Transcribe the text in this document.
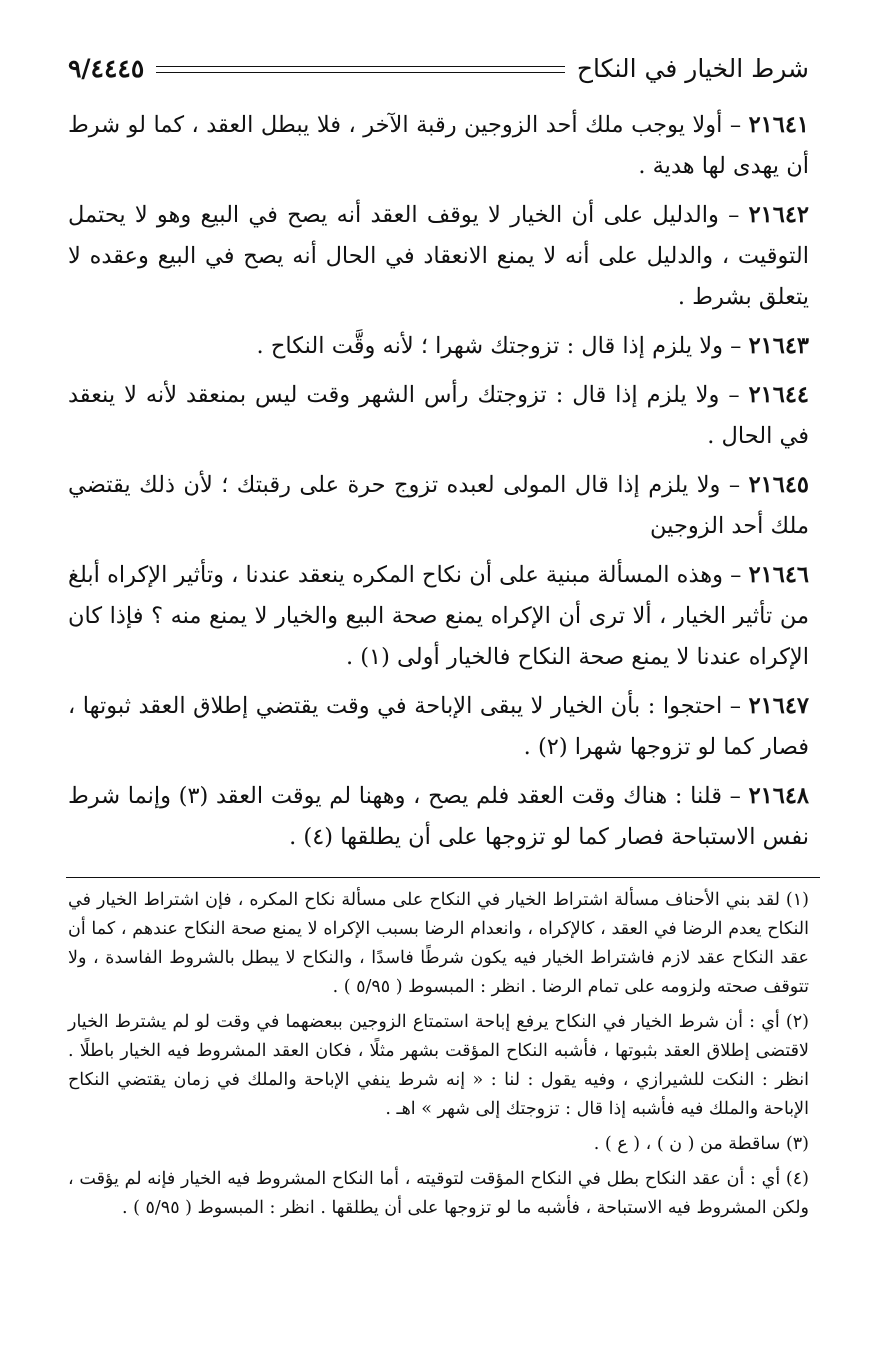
شرط الخيار في النكاح
٩/٤٤٤٥

٢١٦٤١ – أولا يوجب ملك أحد الزوجين رقبة الآخر ، فلا يبطل العقد ، كما لو شرط أن يهدى لها هدية .

٢١٦٤٢ – والدليل على أن الخيار لا يوقف العقد أنه يصح في البيع وهو لا يحتمل التوقيت ، والدليل على أنه لا يمنع الانعقاد في الحال أنه يصح في البيع وعقده لا يتعلق بشرط .

٢١٦٤٣ – ولا يلزم إذا قال : تزوجتك شهرا ؛ لأنه وقَّت النكاح .

٢١٦٤٤ – ولا يلزم إذا قال : تزوجتك رأس الشهر وقت ليس بمنعقد لأنه لا ينعقد في الحال .

٢١٦٤٥ – ولا يلزم إذا قال المولى لعبده تزوج حرة على رقبتك ؛ لأن ذلك يقتضي ملك أحد الزوجين

٢١٦٤٦ – وهذه المسألة مبنية على أن نكاح المكره ينعقد عندنا ، وتأثير الإكراه أبلغ من تأثير الخيار ، ألا ترى أن الإكراه يمنع صحة البيع والخيار لا يمنع منه ؟ فإذا كان الإكراه عندنا لا يمنع صحة النكاح فالخيار أولى (١) .

٢١٦٤٧ – احتجوا : بأن الخيار لا يبقى الإباحة في وقت يقتضي إطلاق العقد ثبوتها ، فصار كما لو تزوجها شهرا (٢) .

٢١٦٤٨ – قلنا : هناك وقت العقد فلم يصح ، وههنا لم يوقت العقد (٣) وإنما شرط نفس الاستباحة فصار كما لو تزوجها على أن يطلقها (٤) .

(١) لقد بني الأحناف مسألة اشتراط الخيار في النكاح على مسألة نكاح المكره ، فإن اشتراط الخيار في النكاح يعدم الرضا في العقد ، كالإكراه ، وانعدام الرضا بسبب الإكراه لا يمنع صحة النكاح عندهم ، كما أن عقد النكاح عقد لازم فاشتراط الخيار فيه يكون شرطًا فاسدًا ، والنكاح لا يبطل بالشروط الفاسدة ، ولا تتوقف صحته ولزومه على تمام الرضا . انظر : المبسوط ( ٥/٩٥ ) .

(٢) أي : أن شرط الخيار في النكاح يرفع إباحة استمتاع الزوجين ببعضهما في وقت لو لم يشترط الخيار لاقتضى إطلاق العقد بثبوتها ، فأشبه النكاح المؤقت بشهر مثلًا ، فكان العقد المشروط فيه الخيار باطلًا . انظر : النكت للشيرازي ، وفيه يقول : لنا : « إنه شرط ينفي الإباحة والملك في زمان يقتضي النكاح الإباحة والملك فيه فأشبه إذا قال : تزوجتك إلى شهر » اهـ .

(٣) ساقطة من ( ن ) ، ( ع ) .

(٤) أي : أن عقد النكاح بطل في النكاح المؤقت لتوقيته ، أما النكاح المشروط فيه الخيار فإنه لم يؤقت ، ولكن المشروط فيه الاستباحة ، فأشبه ما لو تزوجها على أن يطلقها . انظر : المبسوط ( ٥/٩٥ ) .
